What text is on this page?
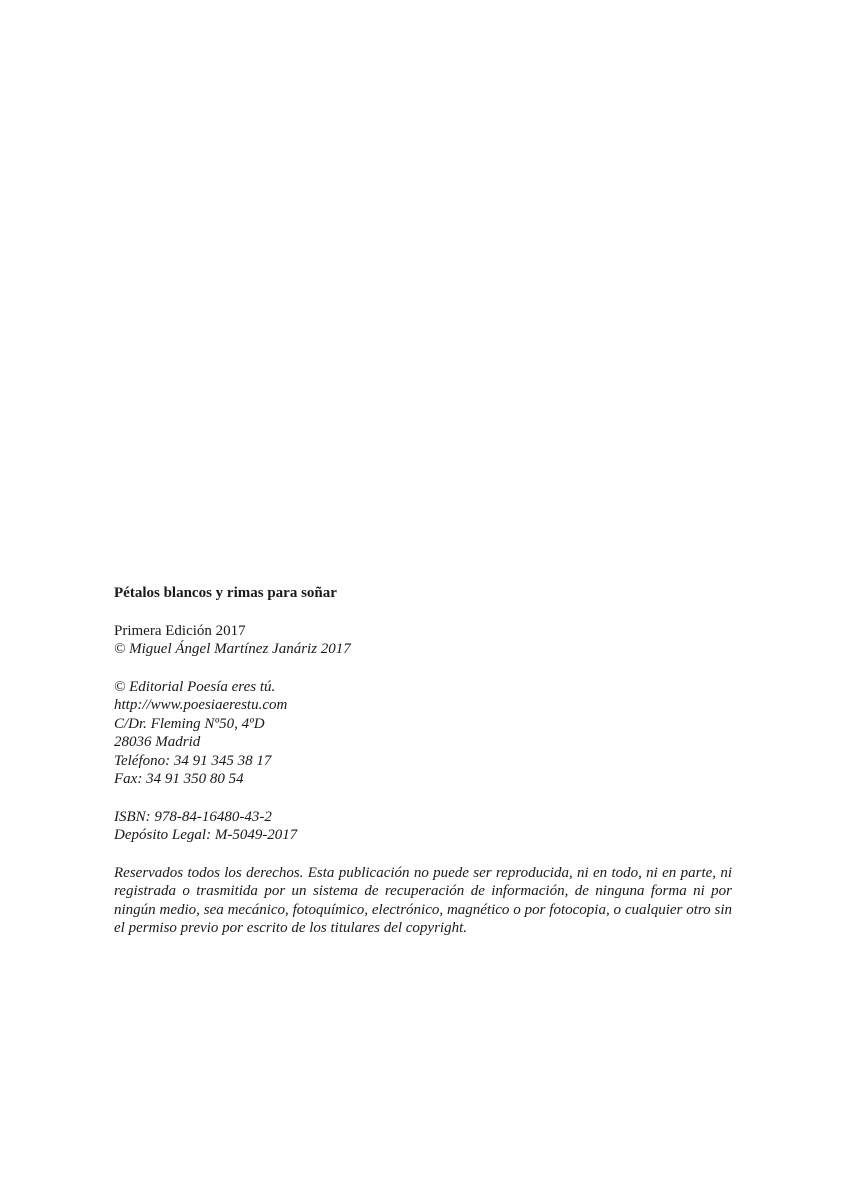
Pétalos blancos y rimas para soñar
Primera Edición 2017
© Miguel Ángel Martínez Janáriz 2017
© Editorial Poesía eres tú.
http://www.poesiaerestu.com
C/Dr. Fleming Nº50, 4ºD
28036 Madrid
Teléfono: 34 91 345 38 17
Fax: 34 91 350 80 54
ISBN: 978-84-16480-43-2
Depósito Legal: M-5049-2017

Reservados todos los derechos. Esta publicación no puede ser reproducida, ni en todo, ni en parte, ni registrada o trasmitida por un sistema de recuperación de información, de ninguna forma ni por ningún medio, sea mecánico, fotoquímico, electrónico, magnético o por fotocopia, o cualquier otro sin el permiso previo por escrito de los titulares del copyright.
